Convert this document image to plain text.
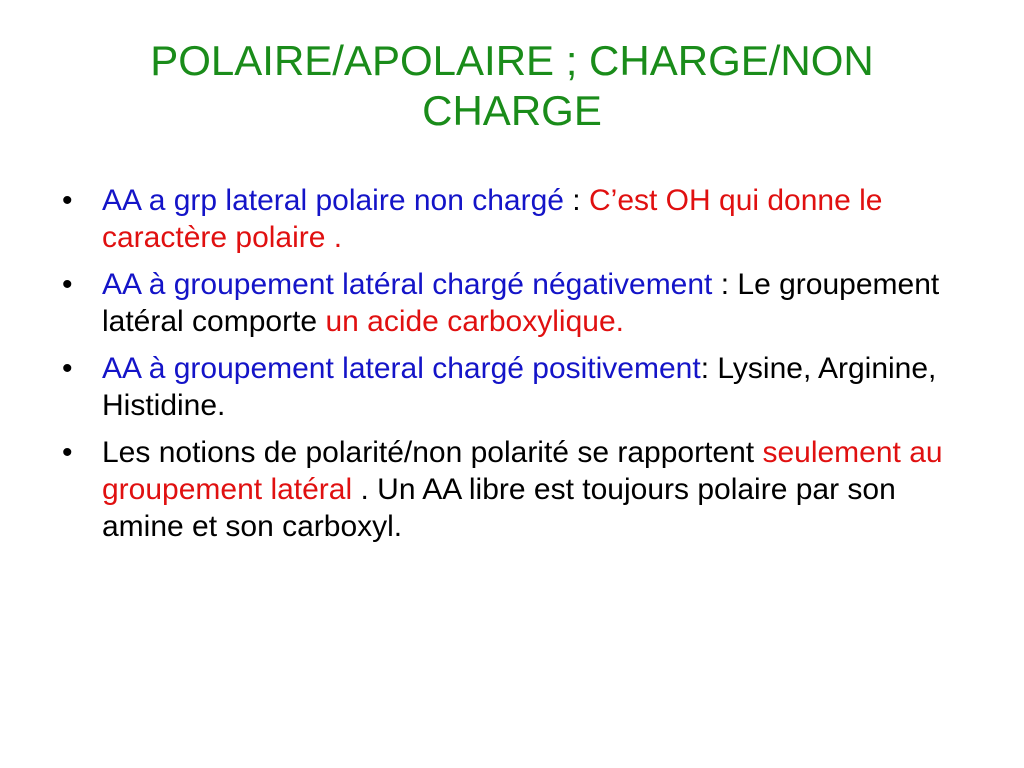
POLAIRE/APOLAIRE ; CHARGE/NON CHARGE
• AA a grp lateral polaire non chargé : C’est OH qui donne le caractère polaire .
• AA à groupement latéral chargé négativement : Le groupement latéral comporte un acide carboxylique.
• AA à groupement lateral chargé positivement: Lysine, Arginine, Histidine.
• Les notions de polarité/non polarité se rapportent seulement au groupement latéral . Un AA libre est toujours polaire par son amine et son carboxyl.
